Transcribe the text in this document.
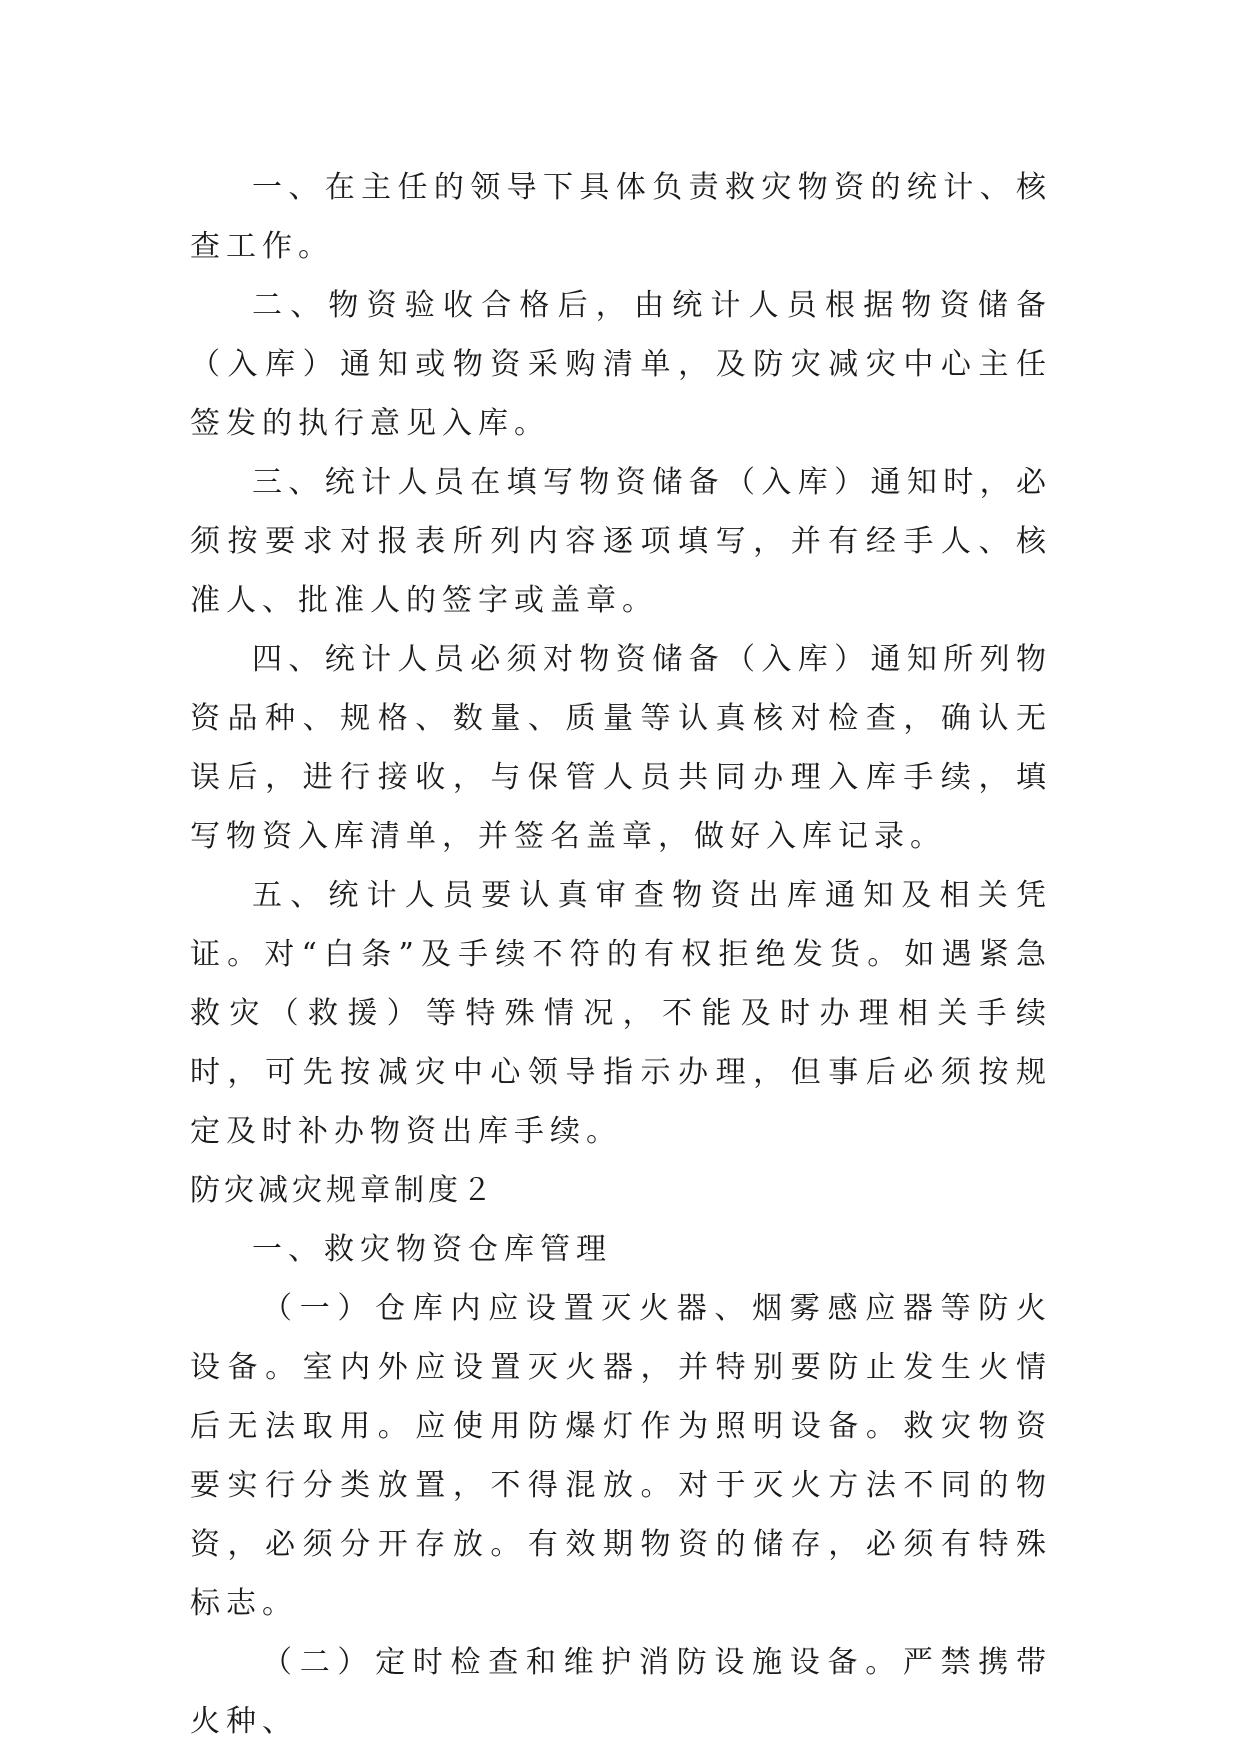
一、在主任的领导下具体负责救灾物资的统计、核查工作。

二、物资验收合格后，由统计人员根据物资储备（入库）通知或物资采购清单，及防灾减灾中心主任签发的执行意见入库。

三、统计人员在填写物资储备（入库）通知时，必须按要求对报表所列内容逐项填写，并有经手人、核准人、批准人的签字或盖章。

四、统计人员必须对物资储备（入库）通知所列物资品种、规格、数量、质量等认真核对检查，确认无误后，进行接收，与保管人员共同办理入库手续，填写物资入库清单，并签名盖章，做好入库记录。

五、统计人员要认真审查物资出库通知及相关凭证。对“白条”及手续不符的有权拒绝发货。如遇紧急救灾（救援）等特殊情况，不能及时办理相关手续时，可先按减灾中心领导指示办理，但事后必须按规定及时补办物资出库手续。

防灾减灾规章制度２

一、救灾物资仓库管理

（一）仓库内应设置灭火器、烟雾感应器等防火设备。室内外应设置灭火器，并特别要防止发生火情后无法取用。应使用防爆灯作为照明设备。救灾物资要实行分类放置，不得混放。对于灭火方法不同的物资，必须分开存放。有效期物资的储存，必须有特殊标志。

（二）定时检查和维护消防设施设备。严禁携带火种、
